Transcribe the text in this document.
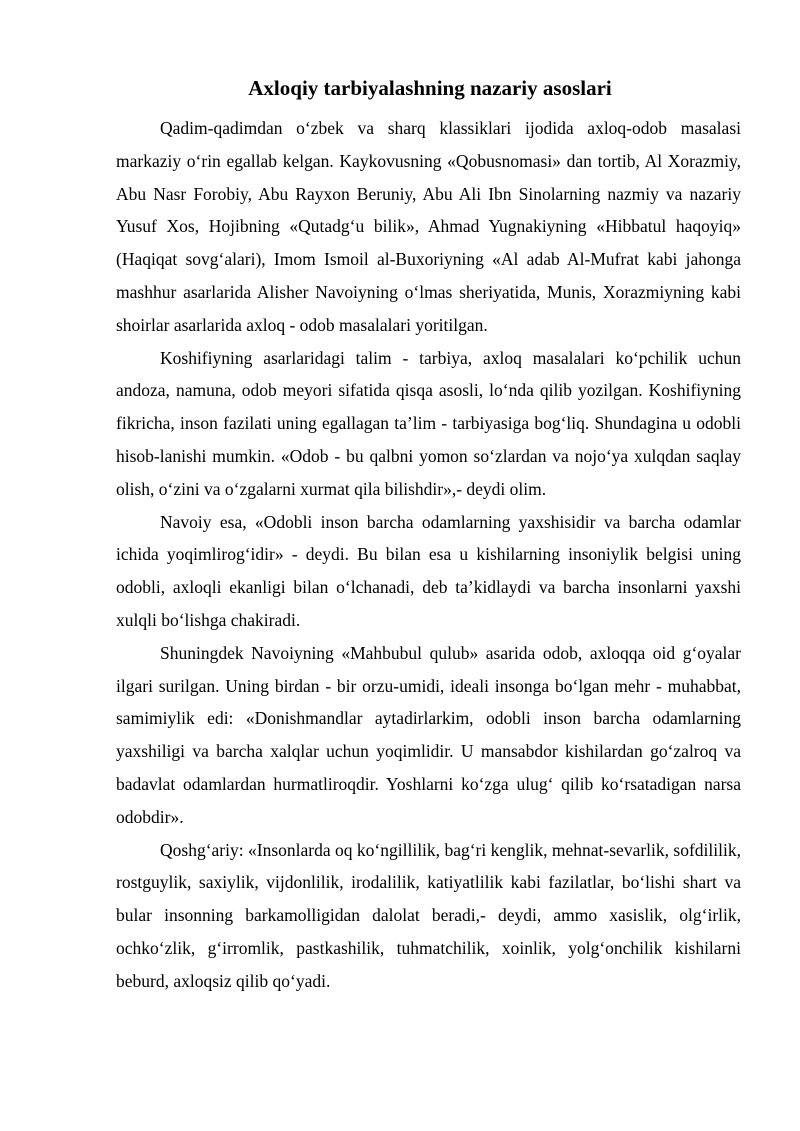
Axloqiy tarbiyalashning nazariy asoslari

Qadim-qadimdan o‘zbek va sharq klassiklari ijodida axloq-odob masalasi markaziy o‘rin egallab kelgan. Kaykovusning «Qobusnomasi» dan tortib, Al Xorazmiy, Abu Nasr Forobiy, Abu Rayxon Beruniy, Abu Ali Ibn Sinolarning nazmiy va nazariy Yusuf Xos, Hojibning «Qutadg‘u bilik», Ahmad Yugnakiyning «Hibbatul haqoyiq» (Haqiqat sovg‘alari), Imom Ismoil al-Buxoriyning «Al adab Al-Mufrat kabi jahonga mashhur asarlarida Alisher Navoiyning o‘lmas sheriyatida, Munis, Xorazmiyning kabi shoirlar asarlarida axloq - odob masalalari yoritilgan.

Koshifiyning asarlaridagi talim - tarbiya, axloq masalalari ko‘pchilik uchun andoza, namuna, odob meyori sifatida qisqa asosli, lo‘nda qilib yozilgan. Koshifiyning fikricha, inson fazilati uning egallagan ta’lim - tarbiyasiga bog‘liq. Shundagina u odobli hisob-lanishi mumkin. «Odob - bu qalbni yomon so‘zlardan va nojo‘ya xulqdan saqlay olish, o‘zini va o‘zgalarni xurmat qila bilishdir»,- deydi olim.

Navoiy esa, «Odobli inson barcha odamlarning yaxshisidir va barcha odamlar ichida yoqimlirog‘idir» - deydi. Bu bilan esa u kishilarning insoniylik belgisi uning odobli, axloqli ekanligi bilan o‘lchanadi, deb ta’kidlaydi va barcha insonlarni yaxshi xulqli bo‘lishga chakiradi.

Shuningdek Navoiyning «Mahbubul qulub» asarida odob, axloqqa oid g‘oyalar ilgari surilgan. Uning birdan - bir orzu-umidi, ideali insonga bo‘lgan mehr - muhabbat, samimiylik edi: «Donishmandlar aytadirlarkim, odobli inson barcha odamlarning yaxshiligi va barcha xalqlar uchun yoqimlidir. U mansabdor kishilardan go‘zalroq va badavlat odamlardan hurmatliroqdir. Yoshlarni ko‘zga ulug‘ qilib ko‘rsatadigan narsa odobdir».

Qoshg‘ariy: «Insonlarda oq ko‘ngillilik, bag‘ri kenglik, mehnat-sevarlik, sofdililik, rostguylik, saxiylik, vijdonlilik, irodalilik, katiyatlilik kabi fazilatlar, bo‘lishi shart va bular insonning barkamolligidan dalolat beradi,- deydi, ammo xasislik, olg‘irlik, ochko‘zlik, g‘irromlik, pastkashilik, tuhmatchilik, xoinlik, yolg‘onchilik kishilarni beburd, axloqsiz qilib qo‘yadi.
